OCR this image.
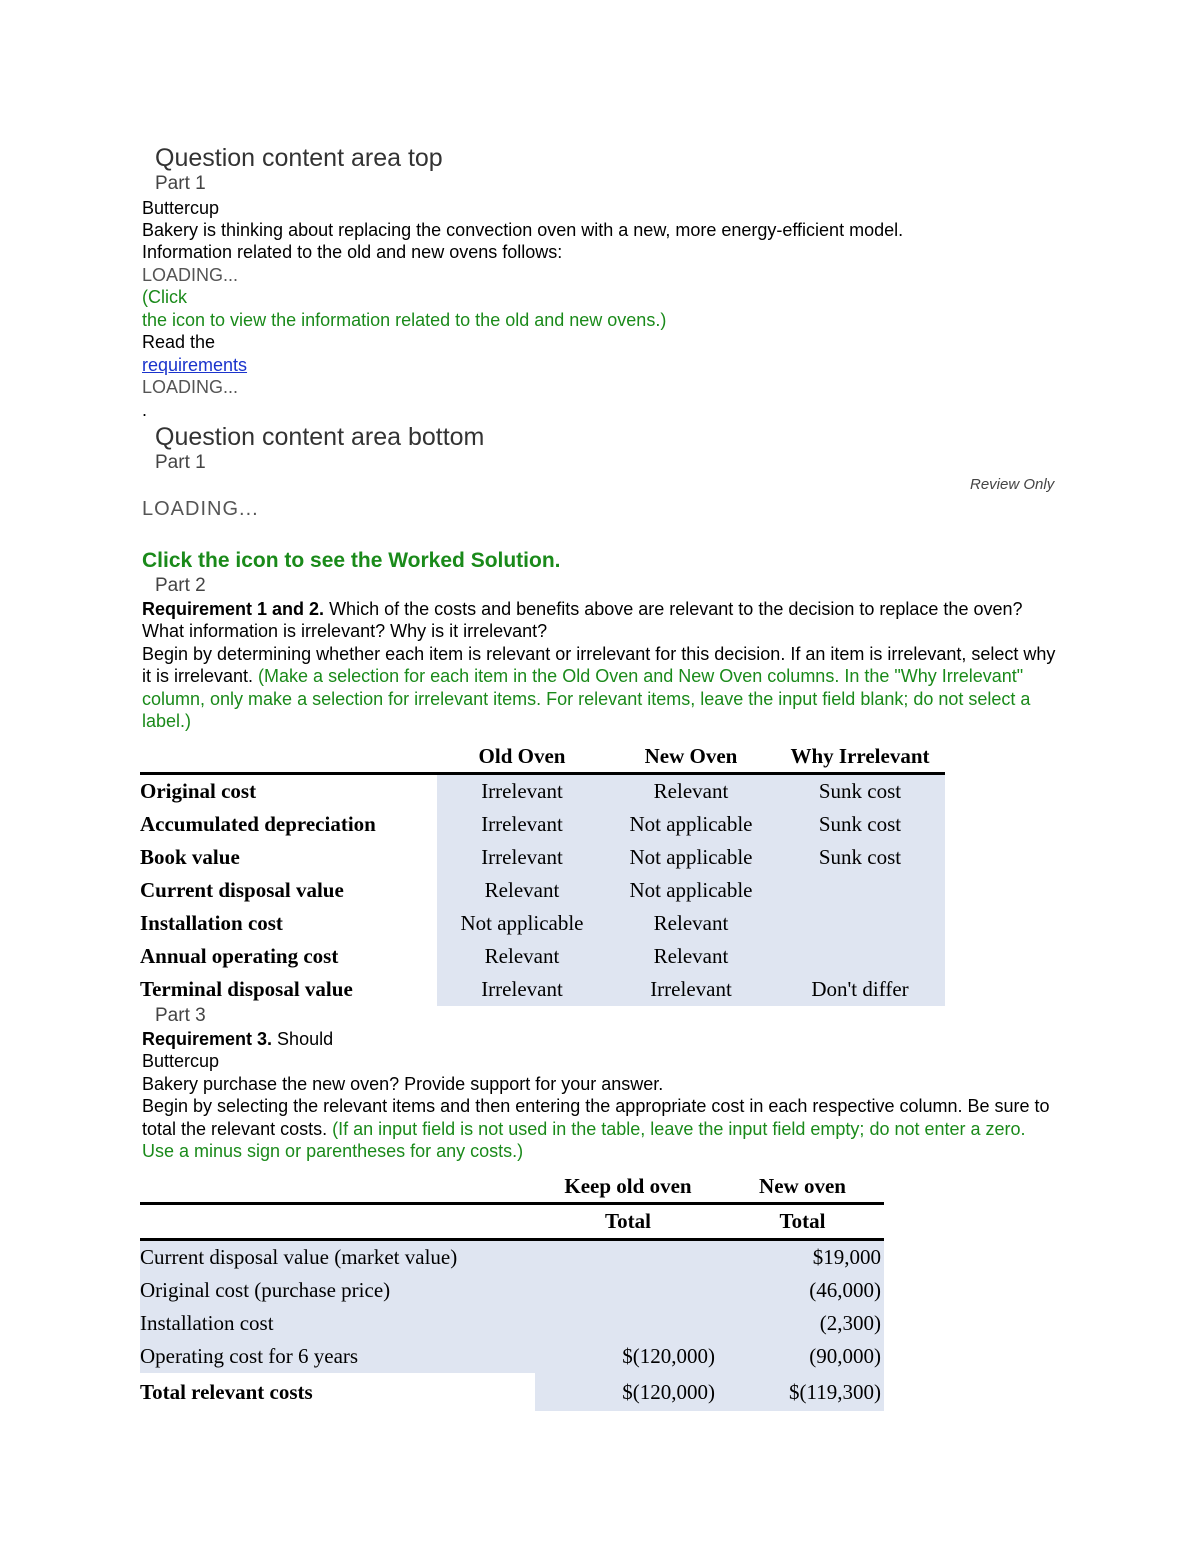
Question content area top
Part 1
Buttercup
Bakery is thinking about replacing the convection oven with a new, more energy-efficient model.
Information related to the old and new ovens follows:
LOADING...
(Click
the icon to view the information related to the old and new ovens.)
Read the
requirements
LOADING...
.
Question content area bottom
Part 1
Review Only
LOADING...
Click the icon to see the Worked Solution.
Part 2
Requirement 1 and 2. Which of the costs and benefits above are relevant to the decision to replace the oven? What information is irrelevant? Why is it irrelevant?
Begin by determining whether each item is relevant or irrelevant for this decision. If an item is irrelevant, select why it is irrelevant. (Make a selection for each item in the Old Oven and New Oven columns. In the "Why Irrelevant" column, only make a selection for irrelevant items. For relevant items, leave the input field blank; do not select a label.)
	Old Oven	New Oven	Why Irrelevant
Original cost	Irrelevant	Relevant	Sunk cost
Accumulated depreciation	Irrelevant	Not applicable	Sunk cost
Book value	Irrelevant	Not applicable	Sunk cost
Current disposal value	Relevant	Not applicable	
Installation cost	Not applicable	Relevant	
Annual operating cost	Relevant	Relevant	
Terminal disposal value	Irrelevant	Irrelevant	Don't differ
Part 3
Requirement 3. Should
Buttercup
Bakery purchase the new oven? Provide support for your answer.
Begin by selecting the relevant items and then entering the appropriate cost in each respective column. Be sure to total the relevant costs. (If an input field is not used in the table, leave the input field empty; do not enter a zero. Use a minus sign or parentheses for any costs.)
	Keep old oven	New oven
	Total	Total
Current disposal value (market value)		$19,000
Original cost (purchase price)		(46,000)
Installation cost		(2,300)
Operating cost for 6 years	$(120,000)	(90,000)
Total relevant costs	$(120,000)	$(119,300)
